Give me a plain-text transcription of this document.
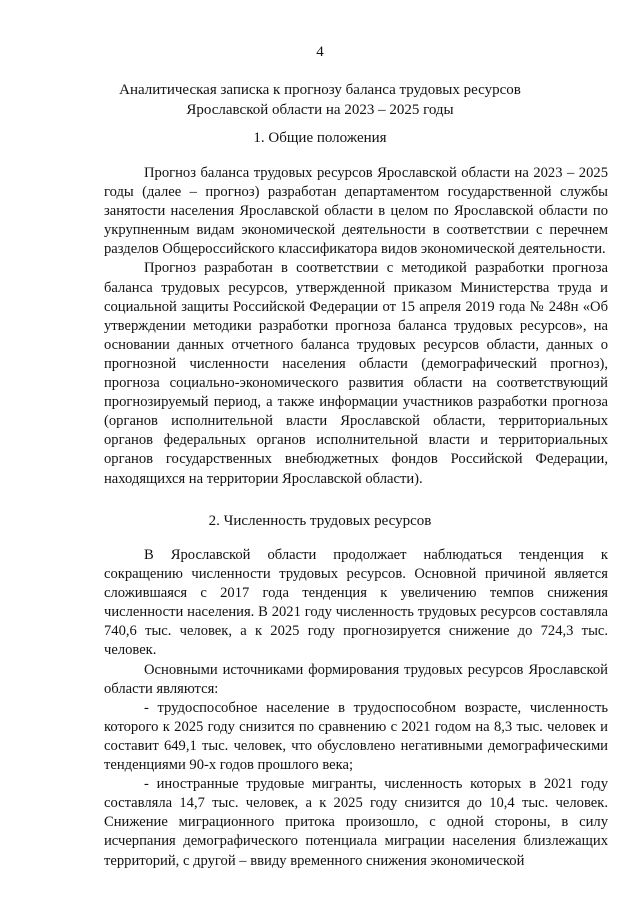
4
Аналитическая записка к прогнозу баланса трудовых ресурсов Ярославской области на 2023 – 2025 годы
1. Общие положения

Прогноз баланса трудовых ресурсов Ярославской области на 2023 – 2025 годы (далее – прогноз) разработан департаментом государственной службы занятости населения Ярославской области в целом по Ярославской области по укрупненным видам экономической деятельности в соответствии с перечнем разделов Общероссийского классификатора видов экономической деятельности.

Прогноз разработан в соответствии с методикой разработки прогноза баланса трудовых ресурсов, утвержденной приказом Министерства труда и социальной защиты Российской Федерации от 15 апреля 2019 года № 248н «Об утверждении методики разработки прогноза баланса трудовых ресурсов», на основании данных отчетного баланса трудовых ресурсов области, данных о прогнозной численности населения области (демографический прогноз), прогноза социально-экономического развития области на соответствующий прогнозируемый период, а также информации участников разработки прогноза (органов исполнительной власти Ярославской области, территориальных органов федеральных органов исполнительной власти и территориальных органов государственных внебюджетных фондов Российской Федерации, находящихся на территории Ярославской области).

2. Численность трудовых ресурсов

В Ярославской области продолжает наблюдаться тенденция к сокращению численности трудовых ресурсов. Основной причиной является сложившаяся с 2017 года тенденция к увеличению темпов снижения численности населения. В 2021 году численность трудовых ресурсов составляла 740,6 тыс. человек, а к 2025 году прогнозируется снижение до 724,3 тыс. человек.

Основными источниками формирования трудовых ресурсов Ярославской области являются:

- трудоспособное население в трудоспособном возрасте, численность которого к 2025 году снизится по сравнению с 2021 годом на 8,3 тыс. человек и составит 649,1 тыс. человек, что обусловлено негативными демографическими тенденциями 90-х годов прошлого века;

- иностранные трудовые мигранты, численность которых в 2021 году составляла 14,7 тыс. человек, а к 2025 году снизится до 10,4 тыс. человек. Снижение миграционного притока произошло, с одной стороны, в силу исчерпания демографического потенциала миграции населения близлежащих территорий, с другой – ввиду временного снижения экономической
